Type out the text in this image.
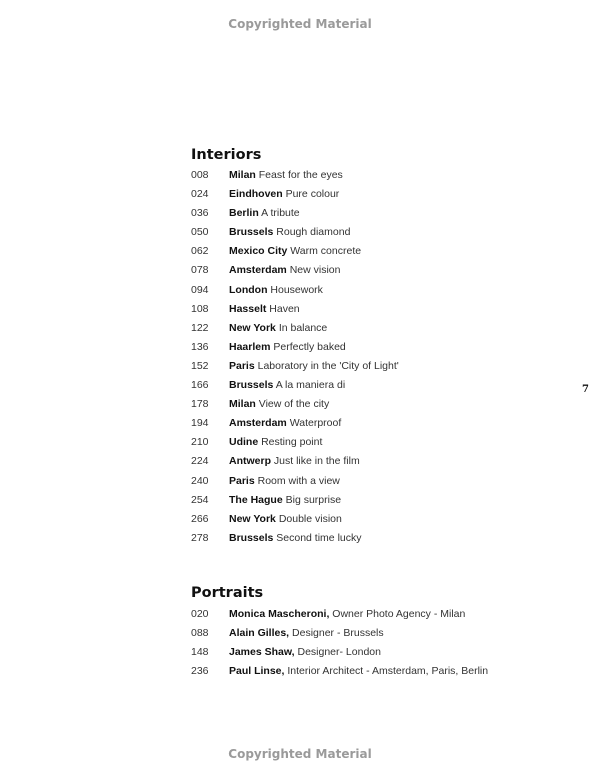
Copyrighted Material
Interiors
008 Milan Feast for the eyes
024 Eindhoven Pure colour
036 Berlin A tribute
050 Brussels Rough diamond
062 Mexico City Warm concrete
078 Amsterdam New vision
094 London Housework
108 Hasselt Haven
122 New York In balance
136 Haarlem Perfectly baked
152 Paris Laboratory in the 'City of Light'
166 Brussels A la maniera di
178 Milan View of the city
194 Amsterdam Waterproof
210 Udine Resting point
224 Antwerp Just like in the film
240 Paris Room with a view
254 The Hague Big surprise
266 New York Double vision
278 Brussels Second time lucky
Portraits
020 Monica Mascheroni, Owner Photo Agency - Milan
088 Alain Gilles, Designer - Brussels
148 James Shaw, Designer- London
236 Paul Linse, Interior Architect - Amsterdam, Paris, Berlin
7
Copyrighted Material
